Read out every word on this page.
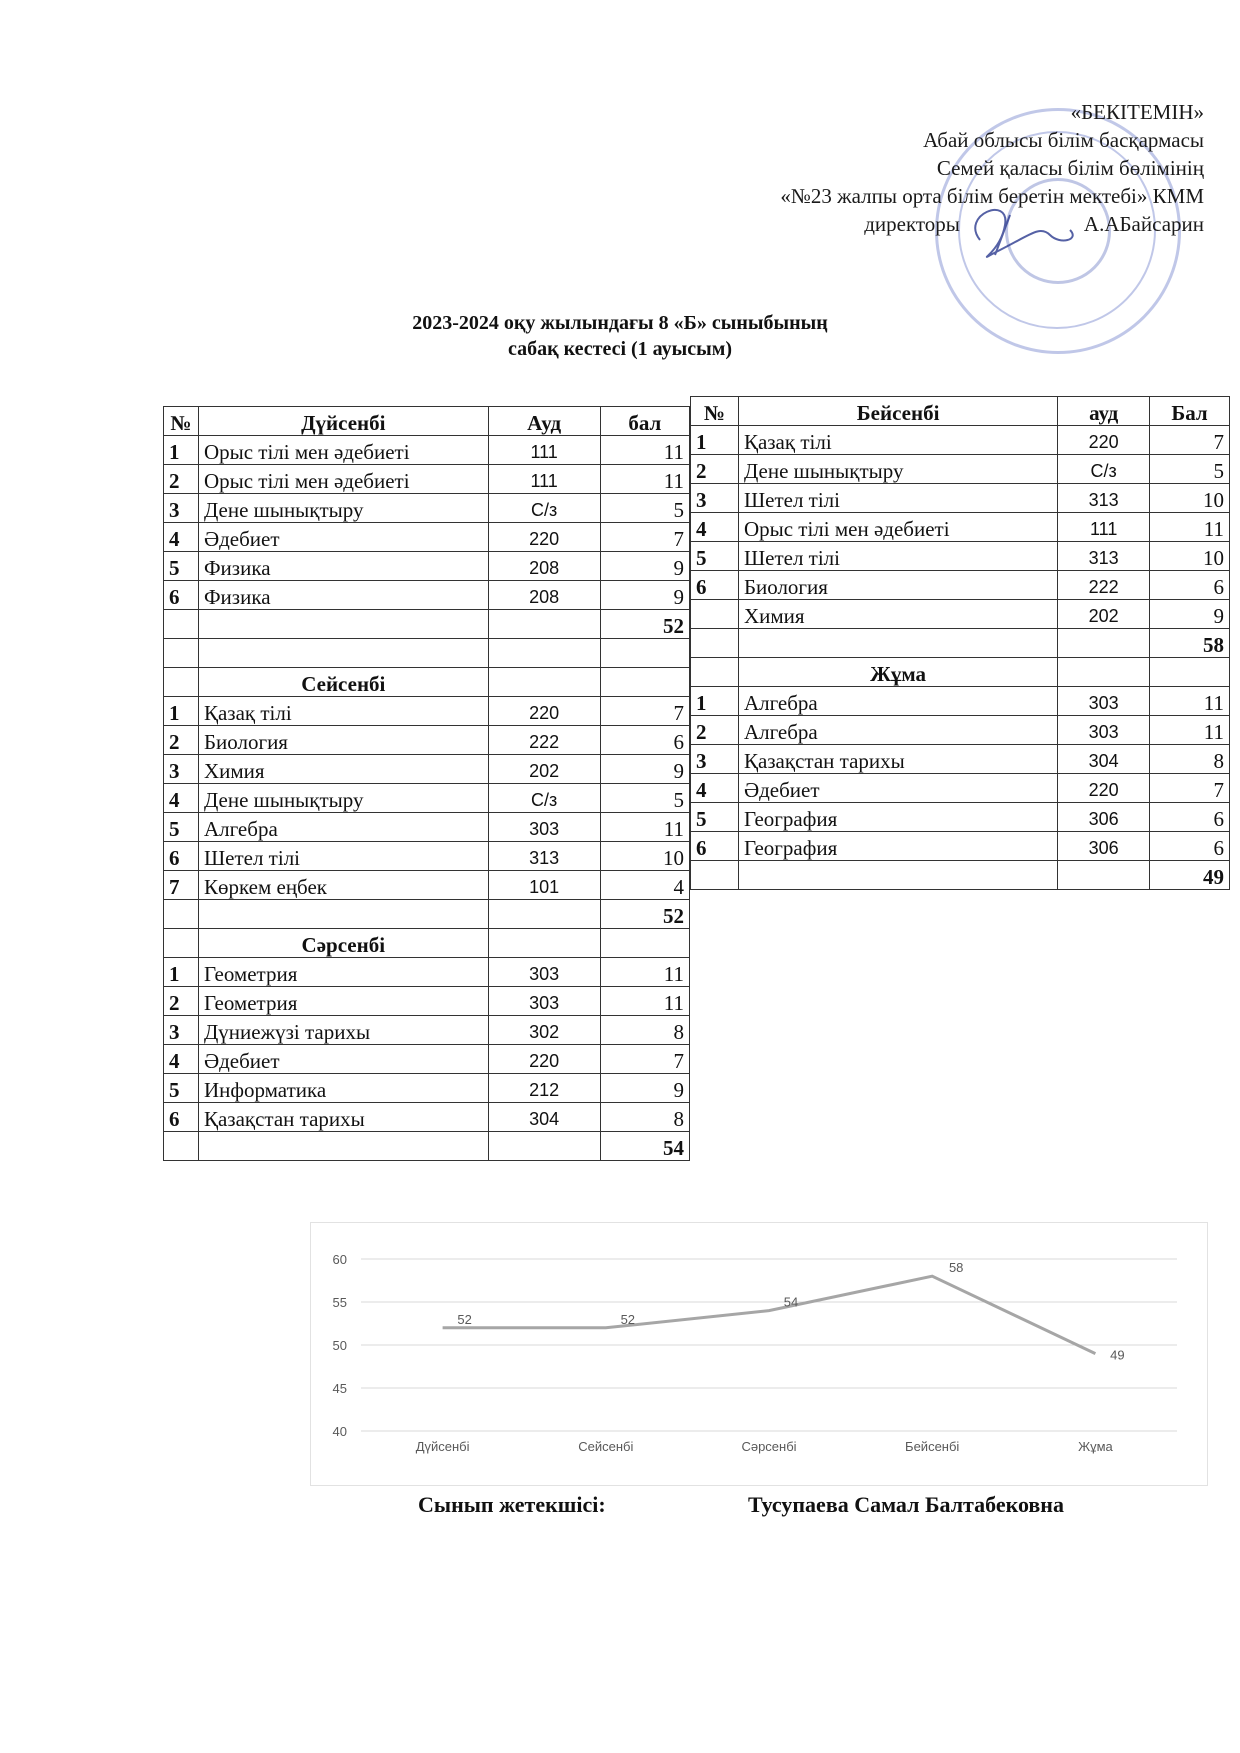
«БЕКІТЕМІН»
Абай облысы білім басқармасы
Семей қаласы білім бөлімінің
«№23 жалпы орта білім беретін мектебі» КММ
директоры	А.АБайсарин
2023-2024 оқу жылындағы 8 «Б» сыныбының
сабақ кестесі (1 ауысым)
№	Дүйсенбі	Ауд	бал
1	Орыс тілі мен әдебиеті	111	11
2	Орыс тілі мен әдебиеті	111	11
3	Дене шынықтыру	С/з	5
4	Әдебиет	220	7
5	Физика	208	9
6	Физика	208	9
			52

	Сейсенбі		
1	Қазақ тілі	220	7
2	Биология	222	6
3	Химия	202	9
4	Дене шынықтыру	С/з	5
5	Алгебра	303	11
6	Шетел тілі	313	10
7	Көркем еңбек	101	4
			52
	Сәрсенбі		
1	Геометрия	303	11
2	Геометрия	303	11
3	Дүниежүзі тарихы	302	8
4	Әдебиет	220	7
5	Информатика	212	9
6	Қазақстан тарихы	304	8
			54
№	Бейсенбі	ауд	Бал
1	Қазақ тілі	220	7
2	Дене шынықтыру	С/з	5
3	Шетел тілі	313	10
4	Орыс тілі мен әдебиеті	111	11
5	Шетел тілі	313	10
6	Биология	222	6
	Химия	202	9
			58
	Жұма		
1	Алгебра	303	11
2	Алгебра	303	11
3	Қазақстан тарихы	304	8
4	Әдебиет	220	7
5	География	306	6
6	География	306	6
			49
40
45
50
55
60
Дүйсенбі	Сейсенбі	Сәрсенбі	Бейсенбі	Жұма
52	52
54
58
49
Сынып жетекшісі:	Тусупаева Самал Балтабековна
